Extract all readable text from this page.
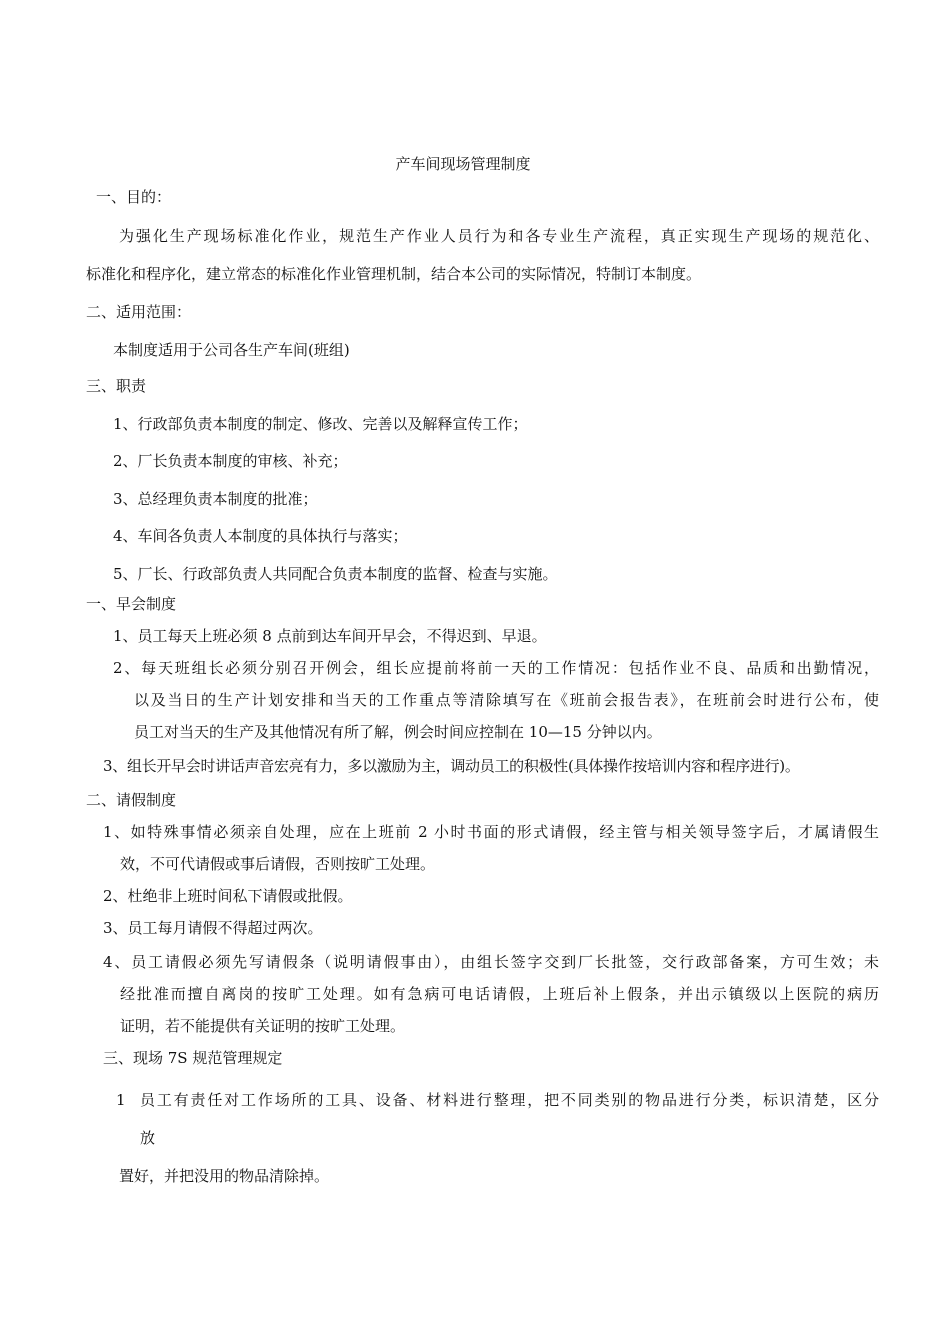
产车间现场管理制度

一、目的：

为强化生产现场标准化作业，规范生产作业人员行为和各专业生产流程，真正实现生产现场的规范化、

标准化和程序化，建立常态的标准化作业管理机制，结合本公司的实际情况，特制订本制度。

二、适用范围：

本制度适用于公司各生产车间(班组)

三、职责

1、行政部负责本制度的制定、修改、完善以及解释宣传工作；

2、厂长负责本制度的审核、补充；

3、总经理负责本制度的批准；

4、车间各负责人本制度的具体执行与落实；

5、厂长、行政部负责人共同配合负责本制度的监督、检查与实施。

一、早会制度

1、员工每天上班必须 8 点前到达车间开早会，不得迟到、早退。

2、每天班组长必须分别召开例会，组长应提前将前一天的工作情况：包括作业不良、品质和出勤情况，

以及当日的生产计划安排和当天的工作重点等清除填写在《班前会报告表》，在班前会时进行公布，使

员工对当天的生产及其他情况有所了解，例会时间应控制在 10—15 分钟以内。

3、组长开早会时讲话声音宏亮有力，多以激励为主，调动员工的积极性(具体操作按培训内容和程序进行)。

二、请假制度

1、如特殊事情必须亲自处理，应在上班前 2 小时书面的形式请假，经主管与相关领导签字后，才属请假生

效，不可代请假或事后请假，否则按旷工处理。

2、杜绝非上班时间私下请假或批假。

3、员工每月请假不得超过两次。

4、员工请假必须先写请假条（说明请假事由），由组长签字交到厂长批签，交行政部备案，方可生效；未

经批准而擅自离岗的按旷工处理。如有急病可电话请假，上班后补上假条，并出示镇级以上医院的病历

证明，若不能提供有关证明的按旷工处理。

三、现场 7S 规范管理规定

1 员工有责任对工作场所的工具、设备、材料进行整理，把不同类别的物品进行分类，标识清楚，区分

放

置好，并把没用的物品清除掉。
